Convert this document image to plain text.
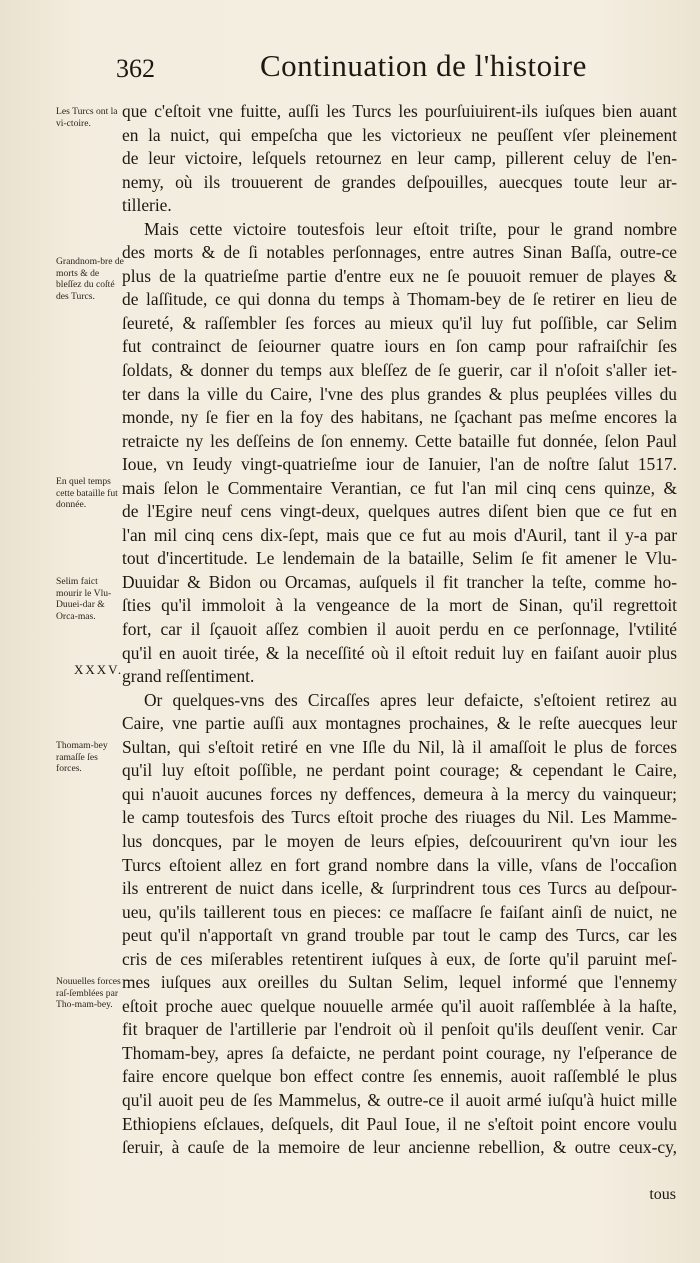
362	Continuation de l'histoire
Les Turcs ont la vi-ctoire.
Grandnom-bre de morts & de bleſſez du coſté des Turcs.
En quel temps cette bataille fut donnée.
Selim faict mourir le Vlu-Duuei-dar & Orca-mas.
Thomam-bey ramaſſe ſes forces.
Nouuelles forces raſ-ſemblées par Tho-mam-bey.
XXXV.
que c'eſtoit vne fuitte, auſſi les Turcs les pourſuiuirent-ils iuſques bien auant
en la nuict, qui empeſcha que les victorieux ne peuſſent vſer pleinement
de leur victoire, leſquels retournez en leur camp, pillerent celuy de l'en-
nemy, où ils trouuerent de grandes deſpouilles, auecques toute leur ar-
tillerie.
Mais cette victoire toutesfois leur eſtoit triſte, pour le grand nombre
des morts & de ſi notables perſonnages, entre autres Sinan Baſſa, outre-ce
plus de la quatrieſme partie d'entre eux ne ſe pouuoit remuer de playes &
de laſſitude, ce qui donna du temps à Thomam-bey de ſe retirer en lieu de
ſeureté, & raſſembler ſes forces au mieux qu'il luy fut poſſible, car Selim
fut contrainct de ſeiourner quatre iours en ſon camp pour rafraiſchir ſes
ſoldats, & donner du temps aux bleſſez de ſe guerir, car il n'oſoit s'aller iet-
ter dans la ville du Caire, l'vne des plus grandes & plus peuplées villes du
monde, ny ſe fier en la foy des habitans, ne ſçachant pas meſme encores la
retraicte ny les deſſeins de ſon ennemy. Cette bataille fut donnée, ſelon Paul
Ioue, vn Ieudy vingt-quatrieſme iour de Ianuier, l'an de noſtre ſalut 1517.
mais ſelon le Commentaire Verantian, ce fut l'an mil cinq cens quinze, &
de l'Egire neuf cens vingt-deux, quelques autres diſent bien que ce fut en
l'an mil cinq cens dix-ſept, mais que ce fut au mois d'Auril, tant il y-a par
tout d'incertitude. Le lendemain de la bataille, Selim ſe fit amener le Vlu-
Duuidar & Bidon ou Orcamas, auſquels il fit trancher la teſte, comme ho-
ſties qu'il immoloit à la vengeance de la mort de Sinan, qu'il regrettoit
fort, car il ſçauoit aſſez combien il auoit perdu en ce perſonnage, l'vtilité
qu'il en auoit tirée, & la neceſſité où il eſtoit reduit luy en faiſant auoir plus
grand reſſentiment.
Or quelques-vns des Circaſſes apres leur defaicte, s'eſtoient retirez au
Caire, vne partie auſſi aux montagnes prochaines, & le reſte auecques leur
Sultan, qui s'eſtoit retiré en vne Iſle du Nil, là il amaſſoit le plus de forces
qu'il luy eſtoit poſſible, ne perdant point courage; & cependant le Caire,
qui n'auoit aucunes forces ny deffences, demeura à la mercy du vainqueur;
le camp toutesfois des Turcs eſtoit proche des riuages du Nil. Les Mamme-
lus doncques, par le moyen de leurs eſpies, deſcouurirent qu'vn iour les
Turcs eſtoient allez en fort grand nombre dans la ville, vſans de l'occaſion
ils entrerent de nuict dans icelle, & ſurprindrent tous ces Turcs au deſpour-
ueu, qu'ils taillerent tous en pieces: ce maſſacre ſe faiſant ainſi de nuict, ne
peut qu'il n'apportaſt vn grand trouble par tout le camp des Turcs, car les
cris de ces miſerables retentirent iuſques à eux, de ſorte qu'il paruint meſ-
mes iuſques aux oreilles du Sultan Selim, lequel informé que l'ennemy
eſtoit proche auec quelque nouuelle armée qu'il auoit raſſemblée à la haſte,
fit braquer de l'artillerie par l'endroit où il penſoit qu'ils deuſſent venir. Car
Thomam-bey, apres ſa defaicte, ne perdant point courage, ny l'eſperance de
faire encore quelque bon effect contre ſes ennemis, auoit raſſemblé le plus
qu'il auoit peu de ſes Mammelus, & outre-ce il auoit armé iuſqu'à huict mille
Ethiopiens eſclaues, deſquels, dit Paul Ioue, il ne s'eſtoit point encore voulu
ſeruir, à cauſe de la memoire de leur ancienne rebellion, & outre ceux-cy,
tous
